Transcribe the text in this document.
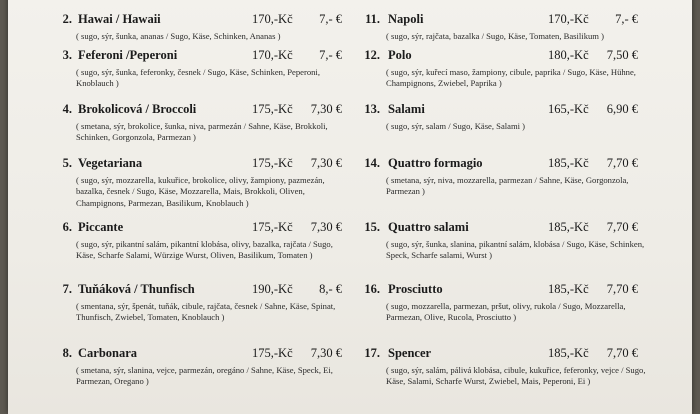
2. Hawai / Hawaii	170,-Kč	7,- €
( sugo, sýr, šunka, ananas / Sugo, Käse, Schinken, Ananas )
3. Feferoni /Peperoni	170,-Kč	7,- €
( sugo, sýr, šunka, feferonky, česnek / Sugo, Käse, Schinken, Peperoni, Knoblauch )
4. Brokolicová / Broccoli	175,-Kč	7,30 €
( smetana, sýr, brokolice, šunka, niva, parmezán / Sahne, Käse, Brokkoli, Schinken, Gorgonzola, Parmezan )
5. Vegetariana	175,-Kč	7,30 €
( sugo, sýr, mozzarella, kukuřice, brokolice, olivy, žampiony, pazmezán, bazalka, česnek / Sugo, Käse, Mozzarella, Mais, Brokkoli, Oliven, Champignons, Parmezan, Basilikum, Knoblauch )
6. Piccante	175,-Kč	7,30 €
( sugo, sýr, pikantní salám, pikantní klobása, olivy, bazalka, rajčata / Sugo, Käse, Scharfe Salami, Würzige Wurst, Oliven, Basilikum, Tomaten )
7. Tuňáková / Thunfisch	190,-Kč	8,- €
( smentana, sýr, špenát, tuňák, cibule, rajčata, česnek / Sahne, Käse, Spinat, Thunfisch, Zwiebel, Tomaten, Knoblauch )
8. Carbonara	175,-Kč	7,30 €
( smetana, sýr, slanina, vejce, parmezán, oregáno / Sahne, Käse, Speck, Ei, Parmezan, Oregano )
11. Napoli	170,-Kč	7,- €
( sugo, sýr, rajčata, bazalka / Sugo, Käse, Tomaten, Basilikum )
12. Polo	180,-Kč	7,50 €
( sugo, sýr, kuřecí maso, žampiony, cibule, paprika / Sugo, Käse, Hühne, Champignons, Zwiebel, Paprika )
13. Salami	165,-Kč	6,90 €
( sugo, sýr, salam / Sugo, Käse, Salami )
14. Quattro formagio	185,-Kč	7,70 €
( smetana, sýr, niva, mozzarella, parmezan / Sahne, Käse, Gorgonzola, Parmezan )
15. Quattro salami	185,-Kč	7,70 €
( sugo, sýr, šunka, slanina, pikantní salám, klobása / Sugo, Käse, Schinken, Speck, Scharfe salami, Wurst )
16. Prosciutto	185,-Kč	7,70 €
( sugo, mozzarella, parmezan, pršut, olivy, rukola / Sugo, Mozzarella, Parmezan, Olive, Rucola, Prosciutto )
17. Spencer	185,-Kč	7,70 €
( sugo, sýr, salám, pálivá klobása, cibule, kukuřice, feferonky, vejce / Sugo, Käse, Salami, Scharfe Wurst, Zwiebel, Mais, Peperoni, Ei )
